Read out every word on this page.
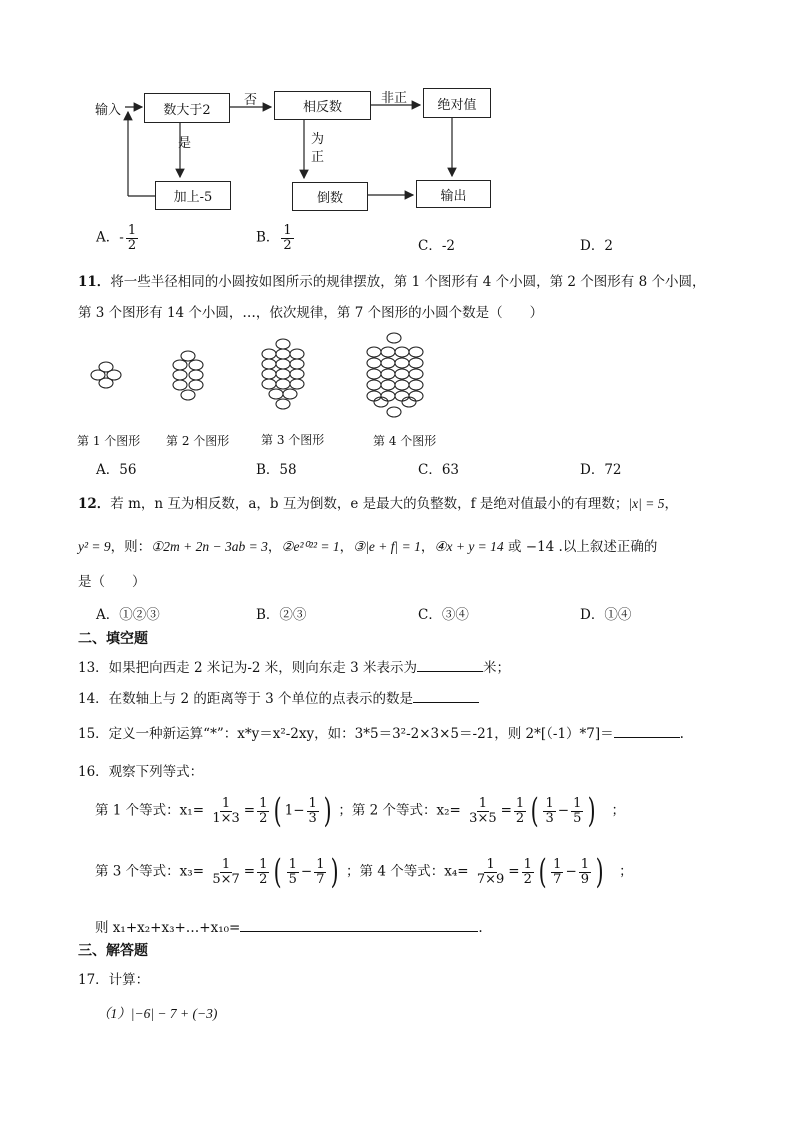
输入	数大于2	相反数	绝对值
加上-5	倒数	输出
否	非正
是	为
正
A．- $\frac{1}{2}$	B． $\frac{1}{2}$	C．-2	D．2
11．将一些半径相同的小圆按如图所示的规律摆放，第 1 个图形有 4 个小圆，第 2 个图形有 8 个小圆，
第 3 个图形有 14 个小圆，…，依次规律，第 7 个图形的小圆个数是（　　）
第 1 个图形 第 2 个图形	第 3 个图形	第 4 个图形
A．56	B．58	C．63	D．72
12．若 m，n 互为相反数，a，b 互为倒数，e 是最大的负整数，f 是绝对值最小的有理数；|x| = 5，
y² = 9，则：①2m + 2n − 3ab = 3，②e²⁰²² = 1，③|e + f| = 1，④x + y = 14 或 −14 .以上叙述正确的
是（　　）
A．①②③	B．②③	C．③④	D．①④
二、填空题
13．如果把向西走 2 米记为-2 米，则向东走 3 米表示为	米；
14．在数轴上与 2 的距离等于 3 个单位的点表示的数是
15．定义一种新运算“*”：x*y＝x²-2xy，如：3*5＝3²-2×3×5＝-21，则 2*[（-1）*7]＝	.
16．观察下列等式：
第 1 个等式：$x_1= \frac{1}{1\times 3} = \frac{1}{2}$ ( $1- \frac{1}{3}$ ) ；第 2 个等式：$x_2= \frac{1}{3\times 5} = \frac{1}{2}$ ( $\frac{1}{3} - \frac{1}{5}$ ) ；
第 3 个等式：$x_3= \frac{1}{5\times 7} = \frac{1}{2}$ ( $\frac{1}{5} - \frac{1}{7}$ ) ；第 4 个等式：$x_4= \frac{1}{7\times 9} = \frac{1}{2}$ ( $\frac{1}{7} - \frac{1}{9}$ ) ；
则 x₁+x₂+x₃+…+x₁₀=	.
三、解答题
17．计算：
（1）|−6| − 7 + (−3)
